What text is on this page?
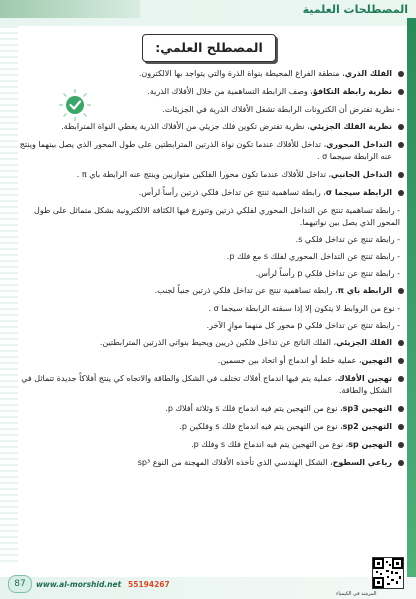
المصطلحات العلمية
المصطلح العلمي:
الفلك الذري، منطقة الفراغ المحيطة بنواة الذرة والتي يتواجد بها الالكترون.
نظرية رابطة التكافؤ، وصف الرابطة التساهمية من خلال الأفلاك الذرية.
- نظرية تفترض أن الكترونات الرابطة تشغل الأفلاك الذرية في الجزيئات.
نظرية الفلك الجزيئي، نظرية تفترض تكوين فلك جزيئي من الأفلاك الذرية يغطي النواة المترابطة.
التداخل المحوري، تداخل للأفلاك عندما تكون نواة الذرتين المترابطتين على طول المحور الذي يصل بينهما وينتج عنه الرابطة سيجما σ .
التداخل الجانبي، تداخل للأفلاك عندما تكون محورا الفلكين متوازيين وينتج عنه الرابطة باي π .
الرابطة سيجما σ، رابطة تساهمية تنتج عن تداخل فلكي ذرتين رأساً لرأس.
- رابطة تساهمية تنتج عن التداخل المحوري لفلكي ذرتين وتتوزع فيها الكثافة الالكترونية بشكل متماثل على طول المحور الذي يصل بين نواتيهما.
- رابطة تنتج عن تداخل فلكي s.
- رابطة تنتج عن التداخل المحوري لفلك s مع فلك p.
- رابطة تنتج عن تداخل فلكي p رأساً لرأس.
الرابطة باي π، رابطة تساهمية تنتج عن تداخل فلكي ذرتين جنباً لجنب.
- نوع من الروابط لا يتكون إلا إذا سبقته الرابطة سيجما σ .
- رابطة تنتج عن تداخل فلكي p محور كل منهما موازٍ الآخر.
الفلك الجزيئي، الفلك الناتج عن تداخل فلكين ذريين ويحيط بنواتي الذرتين المترابطتين.
التهجين، عملية خلط أو اندماج أو اتحاد بين جسمين.
تهجين الأفلاك، عملية يتم فيها اندماج أفلاك تختلف في الشكل والطاقة والاتجاه كي ينتج أفلاكاً جديدة تتماثل في الشكل والطاقة.
التهجين sp3، نوع من التهجين يتم فيه اندماج فلك s وثلاثة أفلاك p.
التهجين sp2، نوع من التهجين يتم فيه اندماج فلك s وفلكين p.
التهجين sp، نوع من التهجين يتم فيه اندماج فلك s وفلك p.
رباعي السطوح، الشكل الهندسي الذي تأخذه الأفلاك المهجنة من النوع sp³
87	www.al-morshid.net 55194267
المرشد في الكيمياء
